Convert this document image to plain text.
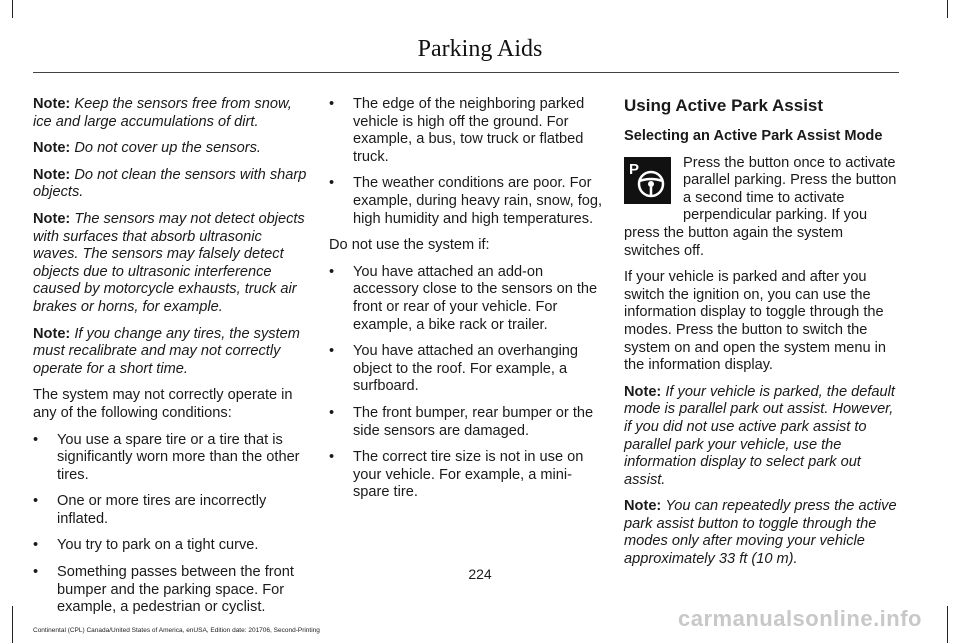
Parking Aids

Note: Keep the sensors free from snow, ice and large accumulations of dirt.

Note: Do not cover up the sensors.

Note: Do not clean the sensors with sharp objects.

Note: The sensors may not detect objects with surfaces that absorb ultrasonic waves. The sensors may falsely detect objects due to ultrasonic interference caused by motorcycle exhausts, truck air brakes or horns, for example.

Note: If you change any tires, the system must recalibrate and may not correctly operate for a short time.

The system may not correctly operate in any of the following conditions:

• You use a spare tire or a tire that is significantly worn more than the other tires.
• One or more tires are incorrectly inflated.
• You try to park on a tight curve.
• Something passes between the front bumper and the parking space. For example, a pedestrian or cyclist.
• The edge of the neighboring parked vehicle is high off the ground. For example, a bus, tow truck or flatbed truck.
• The weather conditions are poor. For example, during heavy rain, snow, fog, high humidity and high temperatures.

Do not use the system if:

• You have attached an add-on accessory close to the sensors on the front or rear of your vehicle. For example, a bike rack or trailer.
• You have attached an overhanging object to the roof. For example, a surfboard.
• The front bumper, rear bumper or the side sensors are damaged.
• The correct tire size is not in use on your vehicle. For example, a mini-spare tire.
Using Active Park Assist
Selecting an Active Park Assist Mode

P	Press the button once to activate parallel parking. Press the button a second time to activate perpendicular parking. If you press the button again the system switches off.

If your vehicle is parked and after you switch the ignition on, you can use the information display to toggle through the modes. Press the button to switch the system on and open the system menu in the information display.

Note: If your vehicle is parked, the default mode is parallel park out assist. However, if you did not use active park assist to parallel park your vehicle, use the information display to select park out assist.

Note: You can repeatedly press the active park assist button to toggle through the modes only after moving your vehicle approximately 33 ft (10 m).

224
Continental (CPL) Canada/United States of America, enUSA, Edition date: 201706, Second-Printing	carmanualsonline.info
